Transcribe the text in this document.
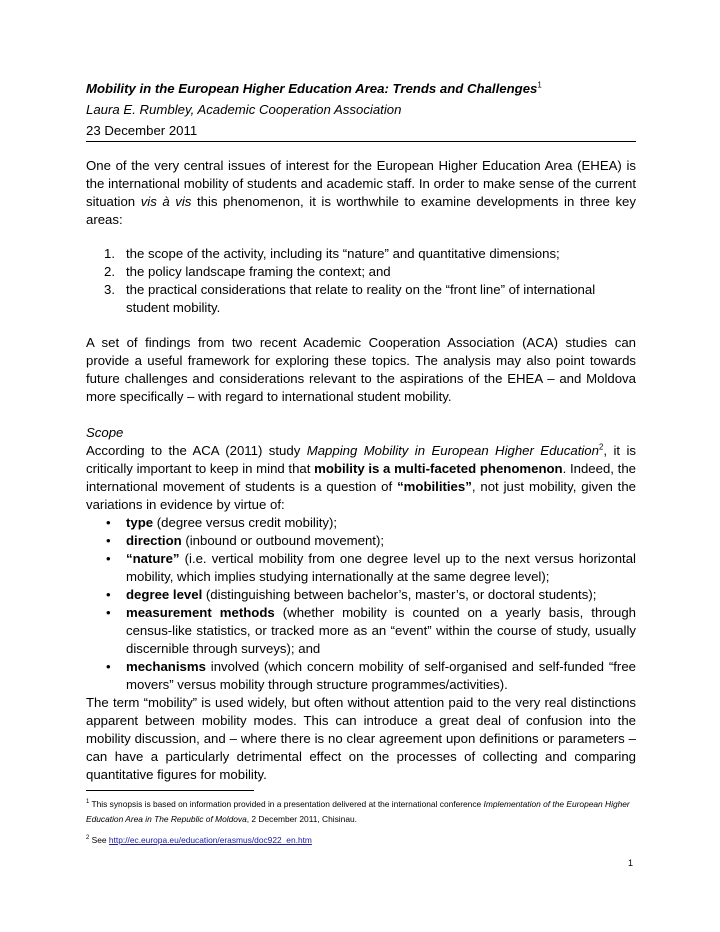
Mobility in the European Higher Education Area: Trends and Challenges$^1$
Laura E. Rumbley, Academic Cooperation Association
23 December 2011

One of the very central issues of interest for the European Higher Education Area (EHEA) is the international mobility of students and academic staff. In order to make sense of the current situation vis à vis this phenomenon, it is worthwhile to examine developments in three key areas:

1. the scope of the activity, including its “nature” and quantitative dimensions;
2. the policy landscape framing the context; and
3. the practical considerations that relate to reality on the “front line” of international student mobility.

A set of findings from two recent Academic Cooperation Association (ACA) studies can provide a useful framework for exploring these topics. The analysis may also point towards future challenges and considerations relevant to the aspirations of the EHEA – and Moldova more specifically – with regard to international student mobility.

Scope

According to the ACA (2011) study Mapping Mobility in European Higher Education$^2$, it is critically important to keep in mind that mobility is a multi-faceted phenomenon. Indeed, the international movement of students is a question of “mobilities”, not just mobility, given the variations in evidence by virtue of:

•	type (degree versus credit mobility);
•	direction (inbound or outbound movement);
•	“nature” (i.e. vertical mobility from one degree level up to the next versus horizontal mobility, which implies studying internationally at the same degree level);
•	degree level (distinguishing between bachelor’s, master’s, or doctoral students);
•	measurement methods (whether mobility is counted on a yearly basis, through census-like statistics, or tracked more as an “event” within the course of study, usually discernible through surveys); and
•	mechanisms involved (which concern mobility of self-organised and self-funded “free movers” versus mobility through structure programmes/activities).

The term “mobility” is used widely, but often without attention paid to the very real distinctions apparent between mobility modes. This can introduce a great deal of confusion into the mobility discussion, and – where there is no clear agreement upon definitions or parameters – can have a particularly detrimental effect on the processes of collecting and comparing quantitative figures for mobility.

$^1$ This synopsis is based on information provided in a presentation delivered at the international conference Implementation of the European Higher Education Area in The Republic of Moldova, 2 December 2011, Chisinau.
$^2$ See http://ec.europa.eu/education/erasmus/doc922_en.htm
1
